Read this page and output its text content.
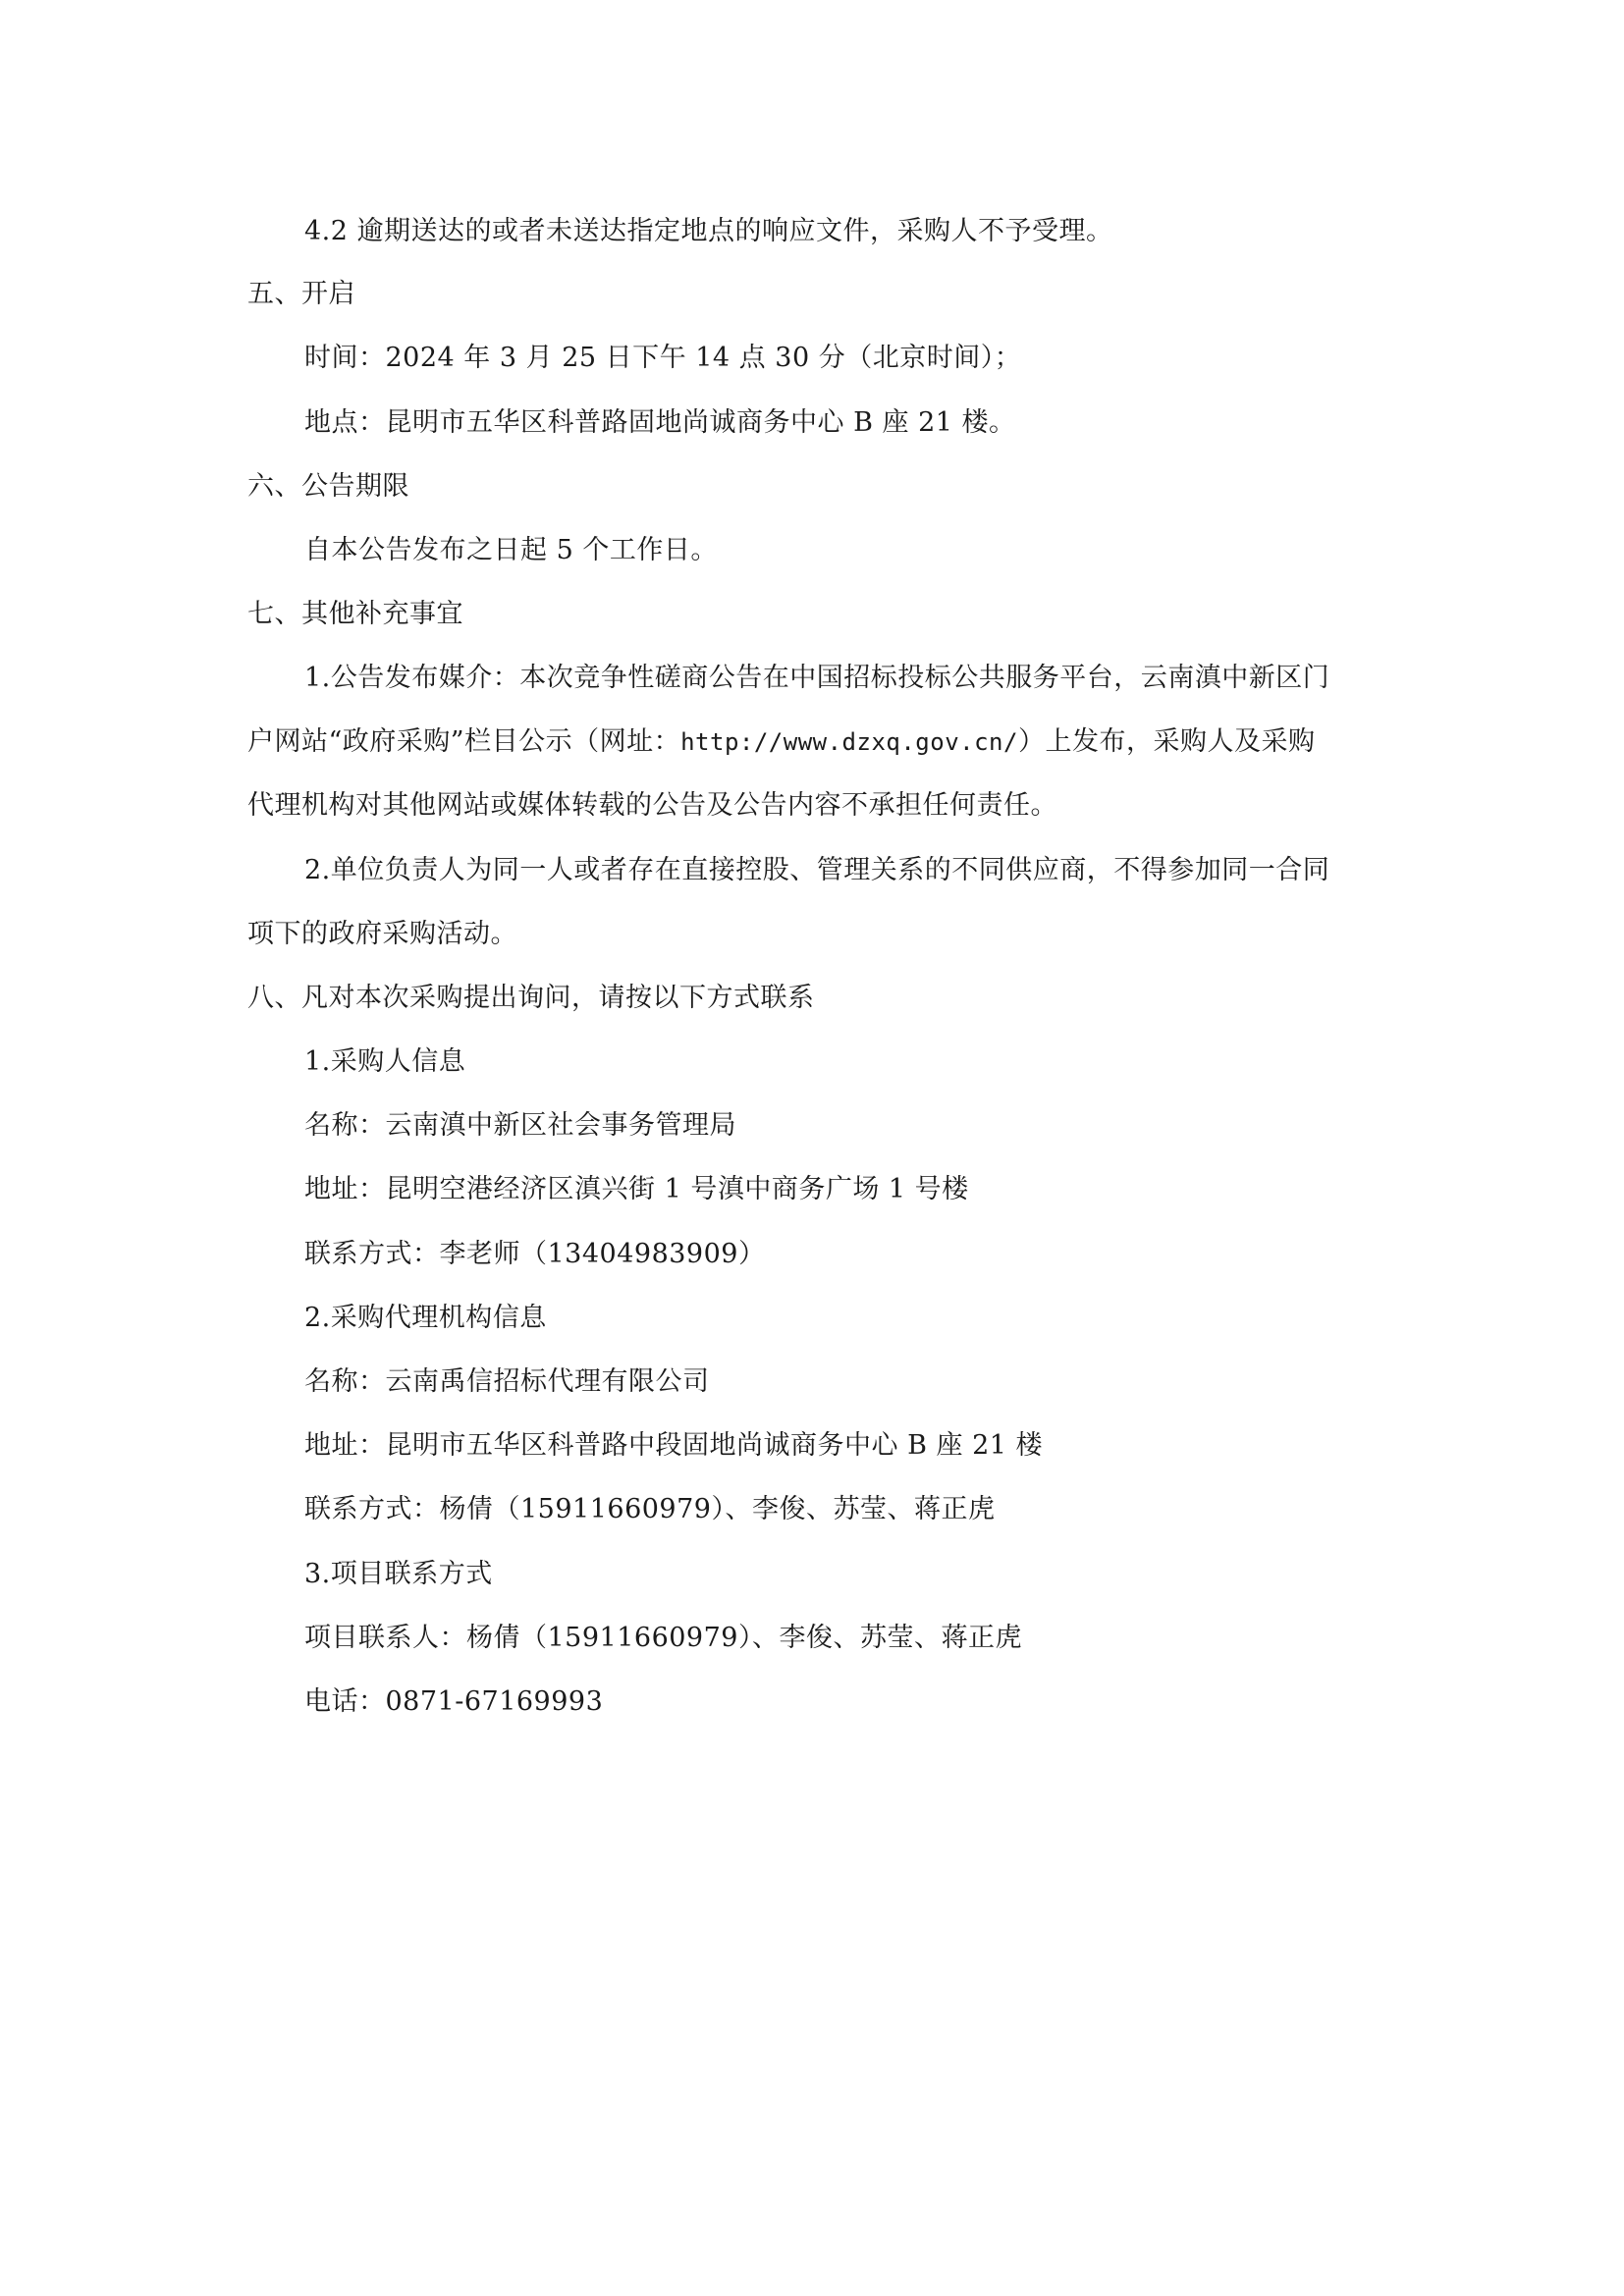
4.2 逾期送达的或者未送达指定地点的响应文件，采购人不予受理。
五、开启
时间：2024 年 3 月 25 日下午 14 点 30 分（北京时间）；
地点：昆明市五华区科普路固地尚诚商务中心 B 座 21 楼。
六、公告期限
自本公告发布之日起 5 个工作日。
七、其他补充事宜
1.公告发布媒介：本次竞争性磋商公告在中国招标投标公共服务平台，云南滇中新区门
户网站“政府采购”栏目公示（网址：http://www.dzxq.gov.cn/）上发布，采购人及采购
代理机构对其他网站或媒体转载的公告及公告内容不承担任何责任。
2.单位负责人为同一人或者存在直接控股、管理关系的不同供应商，不得参加同一合同
项下的政府采购活动。
八、凡对本次采购提出询问，请按以下方式联系
1.采购人信息
名称：云南滇中新区社会事务管理局
地址：昆明空港经济区滇兴街 1 号滇中商务广场 1 号楼
联系方式：李老师（13404983909）
2.采购代理机构信息
名称：云南禹信招标代理有限公司
地址：昆明市五华区科普路中段固地尚诚商务中心 B 座 21 楼
联系方式：杨倩（15911660979）、李俊、苏莹、蒋正虎
3.项目联系方式
项目联系人：杨倩（15911660979）、李俊、苏莹、蒋正虎
电话：0871-67169993
